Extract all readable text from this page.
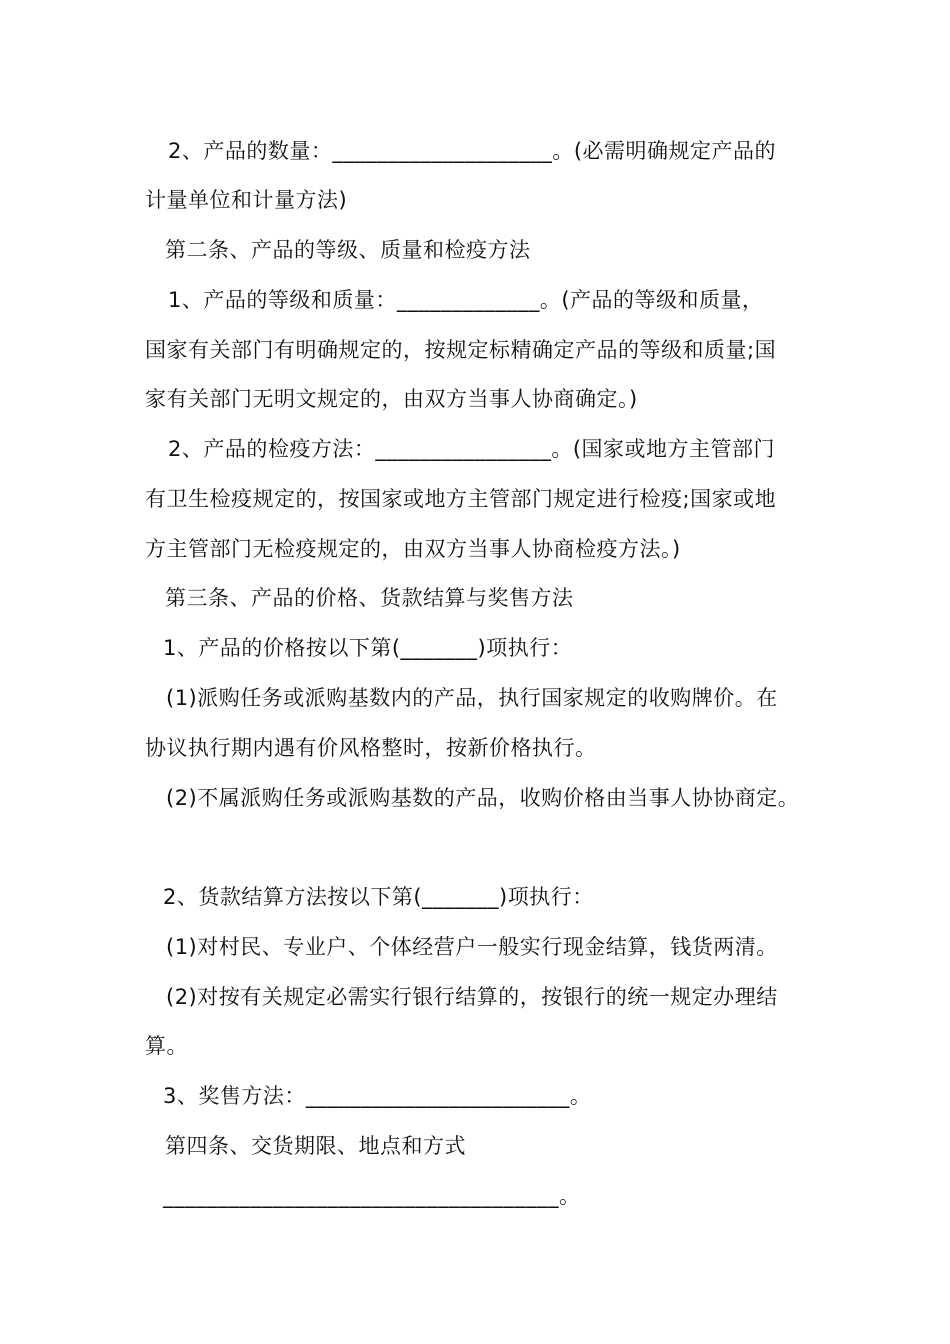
2、产品的数量：____________________。(必需明确规定产品的
计量单位和计量方法)
第二条、产品的等级、质量和检疫方法
1、产品的等级和质量：_____________。(产品的等级和质量，
国家有关部门有明确规定的，按规定标精确定产品的等级和质量;国
家有关部门无明文规定的，由双方当事人协商确定。)
2、产品的检疫方法：________________。(国家或地方主管部门
有卫生检疫规定的，按国家或地方主管部门规定进行检疫;国家或地
方主管部门无检疫规定的，由双方当事人协商检疫方法。)
第三条、产品的价格、货款结算与奖售方法
1、产品的价格按以下第(_______)项执行：
(1)派购任务或派购基数内的产品，执行国家规定的收购牌价。在
协议执行期内遇有价风格整时，按新价格执行。
(2)不属派购任务或派购基数的产品，收购价格由当事人协协商定。
2、货款结算方法按以下第(_______)项执行：
(1)对村民、专业户、个体经营户一般实行现金结算，钱货两清。
(2)对按有关规定必需实行银行结算的，按银行的统一规定办理结
算。
3、奖售方法：________________________。
第四条、交货期限、地点和方式
____________________________________。
